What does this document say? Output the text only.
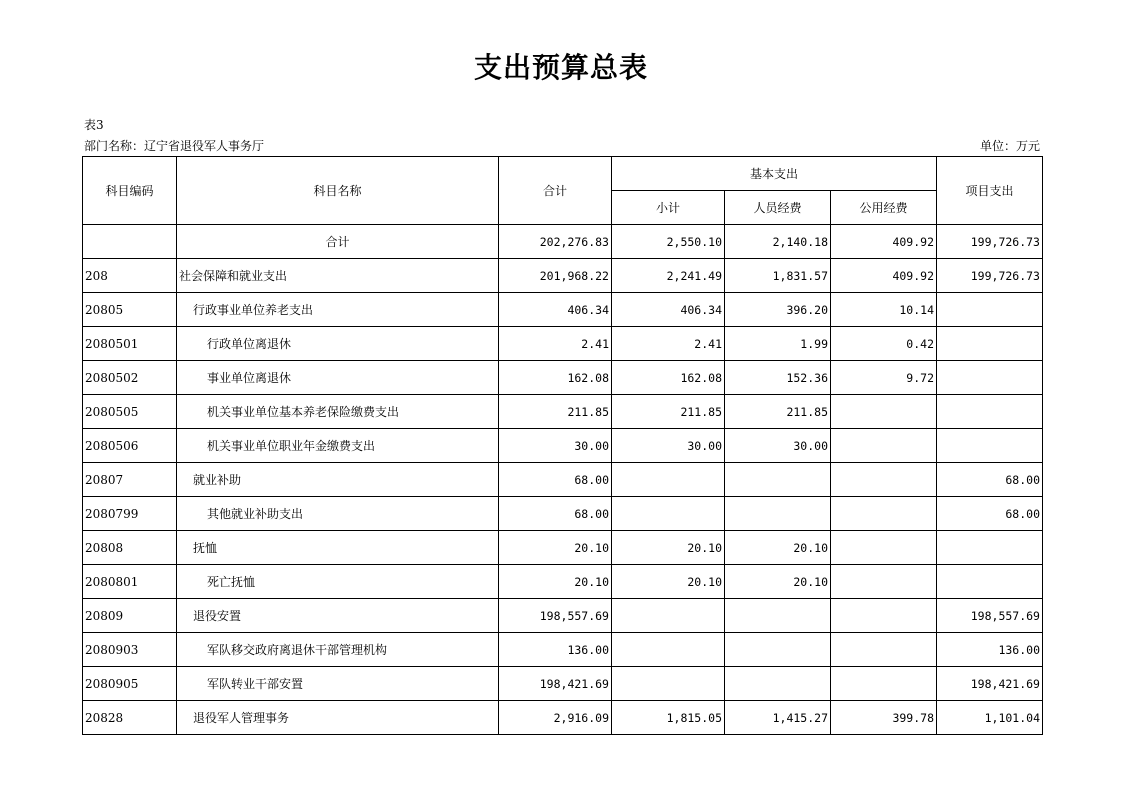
支出预算总表
表3
部门名称：辽宁省退役军人事务厅	单位：万元
科目编码	科目名称	合计	基本支出			项目支出
			小计	人员经费	公用经费	
	合计	202,276.83	2,550.10	2,140.18	409.92	199,726.73
208	社会保障和就业支出	201,968.22	2,241.49	1,831.57	409.92	199,726.73
20805	行政事业单位养老支出	406.34	406.34	396.20	10.14	
2080501	行政单位离退休	2.41	2.41	1.99	0.42	
2080502	事业单位离退休	162.08	162.08	152.36	9.72	
2080505	机关事业单位基本养老保险缴费支出	211.85	211.85	211.85		
2080506	机关事业单位职业年金缴费支出	30.00	30.00	30.00		
20807	就业补助	68.00				68.00
2080799	其他就业补助支出	68.00				68.00
20808	抚恤	20.10	20.10	20.10		
2080801	死亡抚恤	20.10	20.10	20.10		
20809	退役安置	198,557.69				198,557.69
2080903	军队移交政府离退休干部管理机构	136.00				136.00
2080905	军队转业干部安置	198,421.69				198,421.69
20828	退役军人管理事务	2,916.09	1,815.05	1,415.27	399.78	1,101.04
